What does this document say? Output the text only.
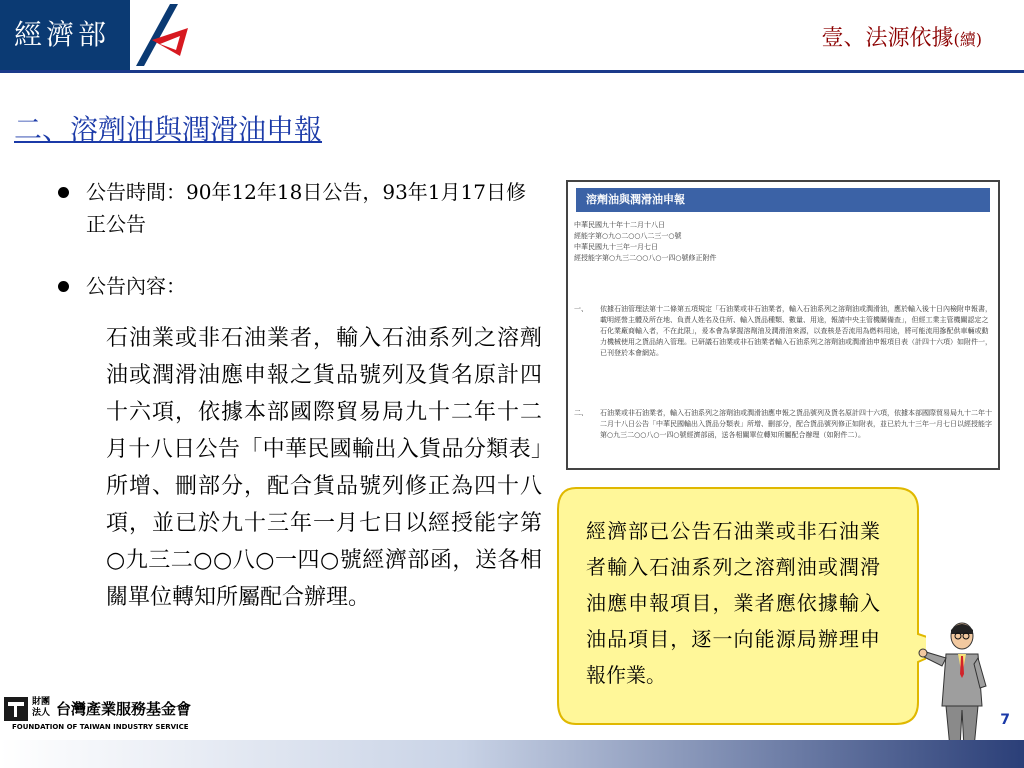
經濟部	壹、法源依據(續)
二、溶劑油與潤滑油申報
公告時間：90年12年18日公告，93年1月17日修正公告
公告內容：
石油業或非石油業者，輸入石油系列之溶劑油或潤滑油應申報之貨品號列及貨名原計四十六項，依據本部國際貿易局九十二年十二月十八日公告「中華民國輸出入貨品分類表」所增、刪部分，配合貨品號列修正為四十八項，並已於九十三年一月七日以經授能字第○九三二○○八○一四○號經濟部函，送各相關單位轉知所屬配合辦理。
溶劑油與潤滑油申報
中華民國九十年十二月十八日
經能字第○九○二○○八二三一○號
中華民國九十三年一月七日
經授能字第○九三二○○八○一四○號修正附件
一、	依據石油管理法第十二條第五項規定「石油業或非石油業者，輸入石油系列之溶劑油或潤滑油，應於輸入後十日內檢附申報書，載明經營主體及所在地、負責人姓名及住所、輸入貨品種類、數量、用途，報請中央主管機關備查」，但經工業主管機關認定之石化業廠商輸入者，不在此限」，爰本會為掌握溶劑油及潤滑油來源，以查核是否流用為燃料用途，將可能流用摻配供車輛或動力機械使用之貨品納入管理。已研議石油業或非石油業者輸入石油系列之溶劑油或潤滑油申報項目表（計四十六項）如附件一，已刊登於本會網站。
二、	石油業或非石油業者，輸入石油系列之溶劑油或潤滑油應申報之貨品號列及貨名原計四十六項，依據本部國際貿易局九十二年十二月十八日公告「中華民國輸出入貨品分類表」所增、刪部分，配合貨品號列修正如附表，並已於九十三年一月七日以經授能字第○九三二○○八○一四○號經濟部函，送各相關單位轉知所屬配合辦理（如附件二）。
經濟部已公告石油業或非石油業者輸入石油系列之溶劑油或潤滑油應申報項目，業者應依據輸入油品項目，逐一向能源局辦理申報作業。
財團法人 台灣產業服務基金會
FOUNDATION OF TAIWAN INDUSTRY SERVICE	7
